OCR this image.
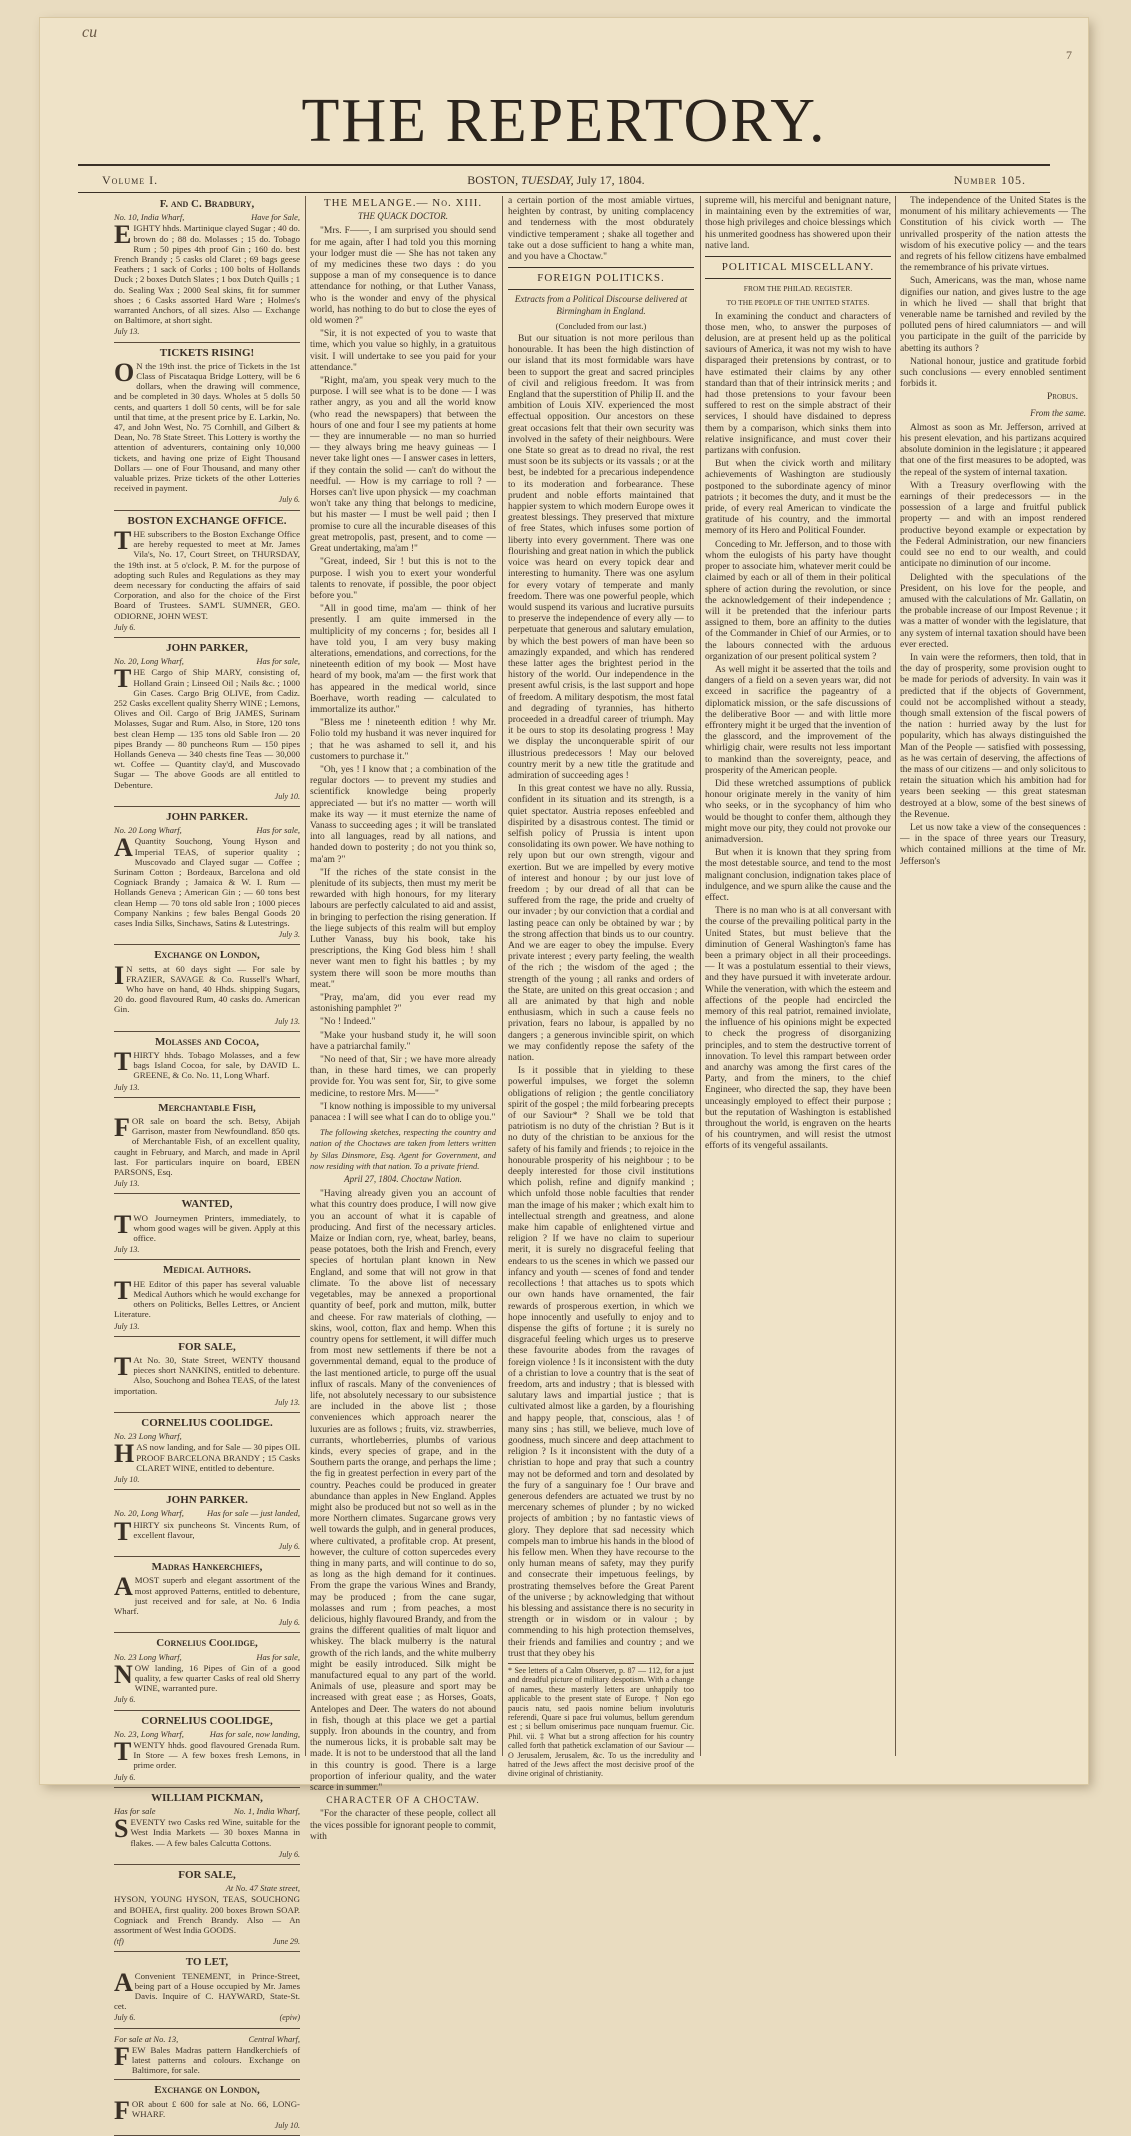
cu
7
THE REPERTORY.
Volume I.	BOSTON, TUESDAY, July 17, 1804.	Number 105.
F. and C. Bradbury,
No. 10, India Wharf,	Have for Sale,
EIGHTY hhds. Martinique clayed Sugar ; 40 do. brown do ; 88 do. Molasses ; 15 do. Tobago Rum ; 50 pipes 4th proof Gin ; 160 do. best French Brandy ; 5 casks old Claret ; 69 bags geese Feathers ; 1 sack of Corks ; 100 bolts of Hollands Duck ; 2 boxes Dutch Slates ; 1 box Dutch Quills ; 1 do. Sealing Wax ; 2000 Seal skins, fit for summer shoes ; 6 Casks assorted Hard Ware ; Holmes's warranted Anchors, of all sizes. Also — Exchange on Baltimore, at short sight.
July 13.
TICKETS RISING!
O N the 19th inst. the price of Tickets in the 1st Class of Piscataqua Bridge Lottery, will be 6 dollars, when the drawing will commence, and be completed in 30 days. Wholes at 5 dolls 50 cents, and quarters 1 doll 50 cents, will be for sale until that time, at the present price by E. Larkin, No. 47, and John West, No. 75 Cornhill, and Gilbert & Dean, No. 78 State Street. This Lottery is worthy the attention of adventurers, containing only 10,000 tickets, and having one prize of Eight Thousand Dollars — one of Four Thousand, and many other valuable prizes. Prize tickets of the other Lotteries received in payment.
July 6.
BOSTON EXCHANGE OFFICE.
THE subscribers to the Boston Exchange Office are hereby requested to meet at Mr. James Vila's, No. 17, Court Street, on THURSDAY, the 19th inst. at 5 o'clock, P. M. for the purpose of adopting such Rules and Regulations as they may deem necessary for conducting the affairs of said Corporation, and also for the choice of the First Board of Trustees. SAM'L SUMNER, GEO. ODIORNE, JOHN WEST.
July 6.
JOHN PARKER,
No. 20, Long Wharf,	Has for sale,
THE Cargo of Ship MARY, consisting of, Holland Grain ; Linseed Oil ; Nails &c. ; 1000 Gin Cases. Cargo Brig OLIVE, from Cadiz. 252 Casks excellent quality Sherry WINE ; Lemons, Olives and Oil. Cargo of Brig JAMES, Surinam Molasses, Sugar and Rum. Also, in Store, 120 tons best clean Hemp — 135 tons old Sable Iron — 20 pipes Brandy — 80 puncheons Rum — 150 pipes Hollands Geneva — 340 chests fine Teas — 30,000 wt. Coffee — Quantity clay'd, and Muscovado Sugar — The above Goods are all entitled to Debenture.
July 10.
JOHN PARKER.
No. 20 Long Wharf,	Has for sale,
A Quantity Souchong, Young Hyson and Imperial TEAS, of superior quality ; Muscovado and Clayed sugar — Coffee ; Surinam Cotton ; Bordeaux, Barcelona and old Cogniack Brandy ; Jamaica & W. I. Rum — Hollands Geneva ; American Gin ; — 60 tons best clean Hemp — 70 tons old sable Iron ; 1000 pieces Company Nankins ; few bales Bengal Goods 20 cases India Silks, Sinchaws, Satins & Lutestrings.
July 3.
Exchange on London,
I N setts, at 60 days sight — For sale by FRAZIER, SAVAGE & Co. Russell's Wharf, Who have on hand, 40 Hhds. shipping Sugars, 20 do. good flavoured Rum, 40 casks do. American Gin.
July 13.
Molasses and Cocoa,
THIRTY hhds. Tobago Molasses, and a few bags Island Cocoa, for sale, by DAVID L. GREENE, & Co. No. 11, Long Wharf.
July 13.
Merchantable Fish,
FOR sale on board the sch. Betsy, Abijah Garrison, master from Newfoundland. 850 qts. of Merchantable Fish, of an excellent quality, caught in February, and March, and made in April last. For particulars inquire on board, EBEN PARSONS, Esq.
July 13.
WANTED,
TWO Journeymen Printers, immediately, to whom good wages will be given. Apply at this office.
July 13.
Medical Authors.
THE Editor of this paper has several valuable Medical Authors which he would exchange for others on Politicks, Belles Lettres, or Ancient Literature.
July 13.
FOR SALE,
T At No. 30, State Street, WENTY thousand pieces short NANKINS, entitled to debenture. Also, Souchong and Bohea TEAS, of the latest importation.
July 13.
CORNELIUS COOLIDGE.
No. 23 Long Wharf,
HAS now landing, and for Sale — 30 pipes OIL PROOF BARCELONA BRANDY ; 15 Casks CLARET WINE, entitled to debenture.
July 10.
JOHN PARKER.
No. 20, Long Wharf,	Has for sale — just landed,
THIRTY six puncheons St. Vincents Rum, of excellent flavour,
July 6.
Madras Hankerchiefs,
A MOST superb and elegant assortment of the most approved Patterns, entitled to debenture, just received and for sale, at No. 6 India Wharf.
July 6.
Cornelius Coolidge,
No. 23 Long Wharf,	Has for sale,
NOW landing, 16 Pipes of Gin of a good quality, a few quarter Casks of real old Sherry WINE, warranted pure.
July 6.
CORNELIUS COOLIDGE,
No. 23, Long Wharf,	Has for sale, now landing,
TWENTY hhds. good flavoured Grenada Rum. In Store — A few boxes fresh Lemons, in prime order.
July 6.
WILLIAM PICKMAN,
Has for sale	No. 1, India Wharf,
SEVENTY two Casks red Wine, suitable for the West India Markets — 30 boxes Manna in flakes. — A few bales Calcutta Cottons.
July 6.
FOR SALE,
At No. 47 State street,
HYSON, YOUNG HYSON, TEAS, SOUCHONG and BOHEA, first quality. 200 boxes Brown SOAP. Cogniack and French Brandy. Also — An assortment of West India GOODS.
(tf)	June 29.
TO LET,
A Convenient TENEMENT, in Prince-Street, being part of a House occupied by Mr. James Davis. Inquire of C. HAYWARD, State-St. cet.
July 6.	(epiw)
For sale at No. 13,	Central Wharf,
FEW Bales Madras pattern Handkerchiefs of latest patterns and colours. Exchange on Baltimore, for sale.
Exchange on London,
FOR about £ 600 for sale at No. 66, LONG-WHARF.
July 10.
THE MELANGE.— No. XIII.
THE QUACK DOCTOR.

"Mrs. F——, I am surprised you should send for me again, after I had told you this morning your lodger must die — She has not taken any of my medicines these two days : do you suppose a man of my consequence is to dance attendance for nothing, or that Luther Vanass, who is the wonder and envy of the physical world, has nothing to do but to close the eyes of old women ?"

"Sir, it is not expected of you to waste that time, which you value so highly, in a gratuitous visit. I will undertake to see you paid for your attendance."

"Right, ma'am, you speak very much to the purpose. I will see what is to be done — I was rather angry, as you and all the world know (who read the newspapers) that between the hours of one and four I see my patients at home — they are innumerable — no man so hurried — they always bring me heavy guineas — I never take light ones — I answer cases in letters, if they contain the solid — can't do without the needful. — How is my carriage to roll ? — Horses can't live upon physick — my coachman won't take any thing that belongs to medicine, but his master — I must be well paid ; then I promise to cure all the incurable diseases of this great metropolis, past, present, and to come — Great undertaking, ma'am !"

"Great, indeed, Sir ! but this is not to the purpose. I wish you to exert your wonderful talents to renovate, if possible, the poor object before you."

"All in good time, ma'am — think of her presently. I am quite immersed in the multiplicity of my concerns ; for, besides all I have told you, I am very busy making alterations, emendations, and corrections, for the nineteenth edition of my book — Most have heard of my book, ma'am — the first work that has appeared in the medical world, since Boerhave, worth reading — calculated to immortalize its author."

"Bless me ! nineteenth edition ! why Mr. Folio told my husband it was never inquired for ; that he was ashamed to sell it, and his customers to purchase it."

"Oh, yes ! I know that ; a combination of the regular doctors — to prevent my studies and scientifick knowledge being properly appreciated — but it's no matter — worth will make its way — it must eternize the name of Vanass to succeeding ages ; it will be translated into all languages, read by all nations, and handed down to posterity ; do not you think so, ma'am ?"

"If the riches of the state consist in the plenitude of its subjects, then must my merit be rewarded with high honours, for my literary labours are perfectly calculated to aid and assist, in bringing to perfection the rising generation. If the liege subjects of this realm will but employ Luther Vanass, buy his book, take his prescriptions, the King God bless him ! shall never want men to fight his battles ; by my system there will soon be more mouths than meat."

"Pray, ma'am, did you ever read my astonishing pamphlet ?"

"No ! Indeed."

"Make your husband study it, he will soon have a patriarchal family."

"No need of that, Sir ; we have more already than, in these hard times, we can properly provide for. You was sent for, Sir, to give some medicine, to restore Mrs. M——"

"I know nothing is impossible to my universal panacea : I will see what I can do to oblige you."

The following sketches, respecting the country and nation of the Choctaws are taken from letters written by Silas Dinsmore, Esq. Agent for Government, and now residing with that nation. To a private friend.
April 27, 1804. Choctaw Nation.

"Having already given you an account of what this country does produce, I will now give you an account of what it is capable of producing. And first of the necessary articles. Maize or Indian corn, rye, wheat, barley, beans, pease potatoes, both the Irish and French, every species of hortulan plant known in New England, and some that will not grow in that climate. To the above list of necessary vegetables, may be annexed a proportional quantity of beef, pork and mutton, milk, butter and cheese. For raw materials of clothing, — skins, wool, cotton, flax and hemp. When this country opens for settlement, it will differ much from most new settlements if there be not a governmental demand, equal to the produce of the last mentioned article, to purge off the usual influx of rascals. Many of the conveniences of life, not absolutely necessary to our subsistence are included in the above list ; those conveniences which approach nearer the luxuries are as follows ; fruits, viz. strawberries, currants, whortleberries, plumbs of various kinds, every species of grape, and in the Southern parts the orange, and perhaps the lime ; the fig in greatest perfection in every part of the country. Peaches could be produced in greater abundance than apples in New England. Apples might also be produced but not so well as in the more Northern climates. Sugarcane grows very well towards the gulph, and in general produces, where cultivated, a profitable crop. At present, however, the culture of cotton supercedes every thing in many parts, and will continue to do so, as long as the high demand for it continues. From the grape the various Wines and Brandy, may be produced ; from the cane sugar, molasses and rum ; from peaches, a most delicious, highly flavoured Brandy, and from the grains the different qualities of malt liquor and whiskey. The black mulberry is the natural growth of the rich lands, and the white mulberry might be easily introduced. Silk might be manufactured equal to any part of the world. Animals of use, pleasure and sport may be increased with great ease ; as Horses, Goats, Antelopes and Deer. The waters do not abound in fish, though at this place we get a partial supply. Iron abounds in the country, and from the numerous licks, it is probable salt may be made. It is not to be understood that all the land in this country is good. There is a large proportion of inferiour quality, and the water scarce in summer."

CHARACTER OF A CHOCTAW.
"For the character of these people, collect all the vices possible for ignorant people to commit, with
a certain portion of the most amiable virtues, heighten by contrast, by uniting complacency and tenderness with the most obdurately vindictive temperament ; shake all together and take out a dose sufficient to hang a white man, and you have a Choctaw."
FOREIGN POLITICKS.
Extracts from a Political Discourse delivered at Birmingham in England.
(Concluded from our last.)

But our situation is not more perilous than honourable. It has been the high distinction of our island that its most formidable wars have been to support the great and sacred principles of civil and religious freedom. It was from England that the superstition of Philip II. and the ambition of Louis XIV. experienced the most effectual opposition. Our ancestors on these great occasions felt that their own security was involved in the safety of their neighbours. Were one State so great as to dread no rival, the rest must soon be its subjects or its vassals ; or at the best, be indebted for a precarious independence to its moderation and forbearance. These prudent and noble efforts maintained that happier system to which modern Europe owes it greatest blessings. They preserved that mixture of free States, which infuses some portion of liberty into every government. There was one flourishing and great nation in which the publick voice was heard on every topick dear and interesting to humanity. There was one asylum for every votary of temperate and manly freedom. There was one powerful people, which would suspend its various and lucrative pursuits to preserve the independence of every ally — to perpetuate that generous and salutary emulation, by which the best powers of man have been so amazingly expanded, and which has rendered these latter ages the brightest period in the history of the world. Our independence in the present awful crisis, is the last support and hope of freedom. A military despotism, the most fatal and degrading of tyrannies, has hitherto proceeded in a dreadful career of triumph. May it be ours to stop its desolating progress ! May we display the unconquerable spirit of our illustrious predecessors ! May our beloved country merit by a new title the gratitude and admiration of succeeding ages !

In this great contest we have no ally. Russia, confident in its situation and its strength, is a quiet spectator. Austria reposes enfeebled and dispirited by a disastrous contest. The timid or selfish policy of Prussia is intent upon consolidating its own power. We have nothing to rely upon but our own strength, vigour and exertion. But we are impelled by every motive of interest and honour ; by our just love of freedom ; by our dread of all that can be suffered from the rage, the pride and cruelty of our invader ; by our conviction that a cordial and lasting peace can only be obtained by war ; by the strong affection that binds us to our country. And we are eager to obey the impulse. Every private interest ; every party feeling, the wealth of the rich ; the wisdom of the aged ; the strength of the young ; all ranks and orders of the State, are united on this great occasion ; and all are animated by that high and noble enthusiasm, which in such a cause feels no privation, fears no labour, is appalled by no dangers ; a generous invincible spirit, on which we may confidently repose the safety of the nation.

Is it possible that in yielding to these powerful impulses, we forget the solemn obligations of religion ; the gentle conciliatory spirit of the gospel ; the mild forbearing precepts of our Saviour* ? Shall we be told that patriotism is no duty of the christian ? But is it no duty of the christian to be anxious for the safety of his family and friends ; to rejoice in the honourable prosperity of his neighbour ; to be deeply interested for those civil institutions which polish, refine and dignify mankind ; which unfold those noble faculties that render man the image of his maker ; which exalt him to intellectual strength and greatness, and alone make him capable of enlightened virtue and religion ? If we have no claim to superiour merit, it is surely no disgraceful feeling that endears to us the scenes in which we passed our infancy and youth — scenes of fond and tender recollections ! that attaches us to spots which our own hands have ornamented, the fair rewards of prosperous exertion, in which we hope innocently and usefully to enjoy and to dispense the gifts of fortune ; it is surely no disgraceful feeling which urges us to preserve these favourite abodes from the ravages of foreign violence ! Is it inconsistent with the duty of a christian to love a country that is the seat of freedom, arts and industry ; that is blessed with salutary laws and impartial justice ; that is cultivated almost like a garden, by a flourishing and happy people, that, conscious, alas ! of many sins ; has still, we believe, much love of goodness, much sincere and deep attachment to religion ? Is it inconsistent with the duty of a christian to hope and pray that such a country may not be deformed and torn and desolated by the fury of a sanguinary foe ! Our brave and generous defenders are actuated we trust by no mercenary schemes of plunder ; by no wicked projects of ambition ; by no fantastic views of glory. They deplore that sad necessity which compels man to imbrue his hands in the blood of his fellow men. When they have recourse to the only human means of safety, may they purify and consecrate their impetuous feelings, by prostrating themselves before the Great Parent of the universe ; by acknowledging that without his blessing and assistance there is no security in strength or in wisdom or in valour ; by commending to his high protection themselves, their friends and families and country ; and we trust that they obey his

* See letters of a Calm Observer, p. 87 — 112, for a just and dreadful picture of military despotism. With a change of names, these masterly letters are unhappily too applicable to the present state of Europe. † Non ego paucis natu, sed paois nomine belium involuturis referendi, Quare si pace frui volumus, bellum gerendum est ; si bellum omiserimus pace nunquam fruemur. Cic. Phil. vii. ‡ What but a strong affection for his country called forth that pathetick exclamation of our Saviour — O Jerusalem, Jerusalem, &c. To us the incredulity and hatred of the Jews affect the most decisive proof of the divine original of christianity.
supreme will, his merciful and benignant nature, in maintaining even by the extremities of war, those high privileges and choice blessings which his unmerited goodness has showered upon their native land.
POLITICAL MISCELLANY.
FROM THE PHILAD. REGISTER.
TO THE PEOPLE OF THE UNITED STATES.

In examining the conduct and characters of those men, who, to answer the purposes of delusion, are at present held up as the political saviours of America, it was not my wish to have disparaged their pretensions by contrast, or to have estimated their claims by any other standard than that of their intrinsick merits ; and had those pretensions to your favour been suffered to rest on the simple abstract of their services, I should have disdained to depress them by a comparison, which sinks them into relative insignificance, and must cover their partizans with confusion.

But when the civick worth and military achievements of Washington are studiously postponed to the subordinate agency of minor patriots ; it becomes the duty, and it must be the pride, of every real American to vindicate the gratitude of his country, and the immortal memory of its Hero and Political Founder.

Conceding to Mr. Jefferson, and to those with whom the eulogists of his party have thought proper to associate him, whatever merit could be claimed by each or all of them in their political sphere of action during the revolution, or since the acknowledgement of their independence ; will it be pretended that the inferiour parts assigned to them, bore an affinity to the duties of the Commander in Chief of our Armies, or to the labours connected with the arduous organization of our present political system ?

As well might it be asserted that the toils and dangers of a field on a seven years war, did not exceed in sacrifice the pageantry of a diplomatick mission, or the safe discussions of the deliberative Boor — and with little more effrontery might it be urged that the invention of the glasscord, and the improvement of the whirligig chair, were results not less important to mankind than the sovereignty, peace, and prosperity of the American people.

Did these wretched assumptions of publick honour originate merely in the vanity of him who seeks, or in the sycophancy of him who would be thought to confer them, although they might move our pity, they could not provoke our animadversion.

But when it is known that they spring from the most detestable source, and tend to the most malignant conclusion, indignation takes place of indulgence, and we spurn alike the cause and the effect.

There is no man who is at all conversant with the course of the prevailing political party in the United States, but must believe that the diminution of General Washington's fame has been a primary object in all their proceedings. — It was a postulatum essential to their views, and they have pursued it with inveterate ardour. While the veneration, with which the esteem and affections of the people had encircled the memory of this real patriot, remained inviolate, the influence of his opinions might be expected to check the progress of disorganizing principles, and to stem the destructive torrent of innovation. To level this rampart between order and anarchy was among the first cares of the Party, and from the miners, to the chief Engineer, who directed the sap, they have been unceasingly employed to effect their purpose ; but the reputation of Washington is established throughout the world, is engraven on the hearts of his countrymen, and will resist the utmost efforts of its vengeful assailants.

The independence of the United States is the monument of his military achievements — The Constitution of his civick worth — The unrivalled prosperity of the nation attests the wisdom of his executive policy — and the tears and regrets of his fellow citizens have embalmed the remembrance of his private virtues.

Such, Americans, was the man, whose name dignifies our nation, and gives lustre to the age in which he lived — shall that bright that venerable name be tarnished and reviled by the polluted pens of hired calumniators — and will you participate in the guilt of the parricide by abetting its authors ?

National honour, justice and gratitude forbid such conclusions — every ennobled sentiment forbids it.

Probus.
From the same.

Almost as soon as Mr. Jefferson, arrived at his present elevation, and his partizans acquired absolute dominion in the legislature ; it appeared that one of the first measures to be adopted, was the repeal of the system of internal taxation.

With a Treasury overflowing with the earnings of their predecessors — in the possession of a large and fruitful publick property — and with an impost rendered productive beyond example or expectation by the Federal Administration, our new financiers could see no end to our wealth, and could anticipate no diminution of our income.

Delighted with the speculations of the President, on his love for the people, and amused with the calculations of Mr. Gallatin, on the probable increase of our Impost Revenue ; it was a matter of wonder with the legislature, that any system of internal taxation should have been ever erected.

In vain were the reformers, then told, that in the day of prosperity, some provision ought to be made for periods of adversity. In vain was it predicted that if the objects of Government, could not be accomplished without a steady, though small extension of the fiscal powers of the nation : hurried away by the lust for popularity, which has always distinguished the Man of the People — satisfied with possessing, as he was certain of deserving, the affections of the mass of our citizens — and only solicitous to retain the situation which his ambition had for years been seeking — this great statesman destroyed at a blow, some of the best sinews of the Revenue.

Let us now take a view of the consequences : — in the space of three years our Treasury, which contained millions at the time of Mr. Jefferson's
